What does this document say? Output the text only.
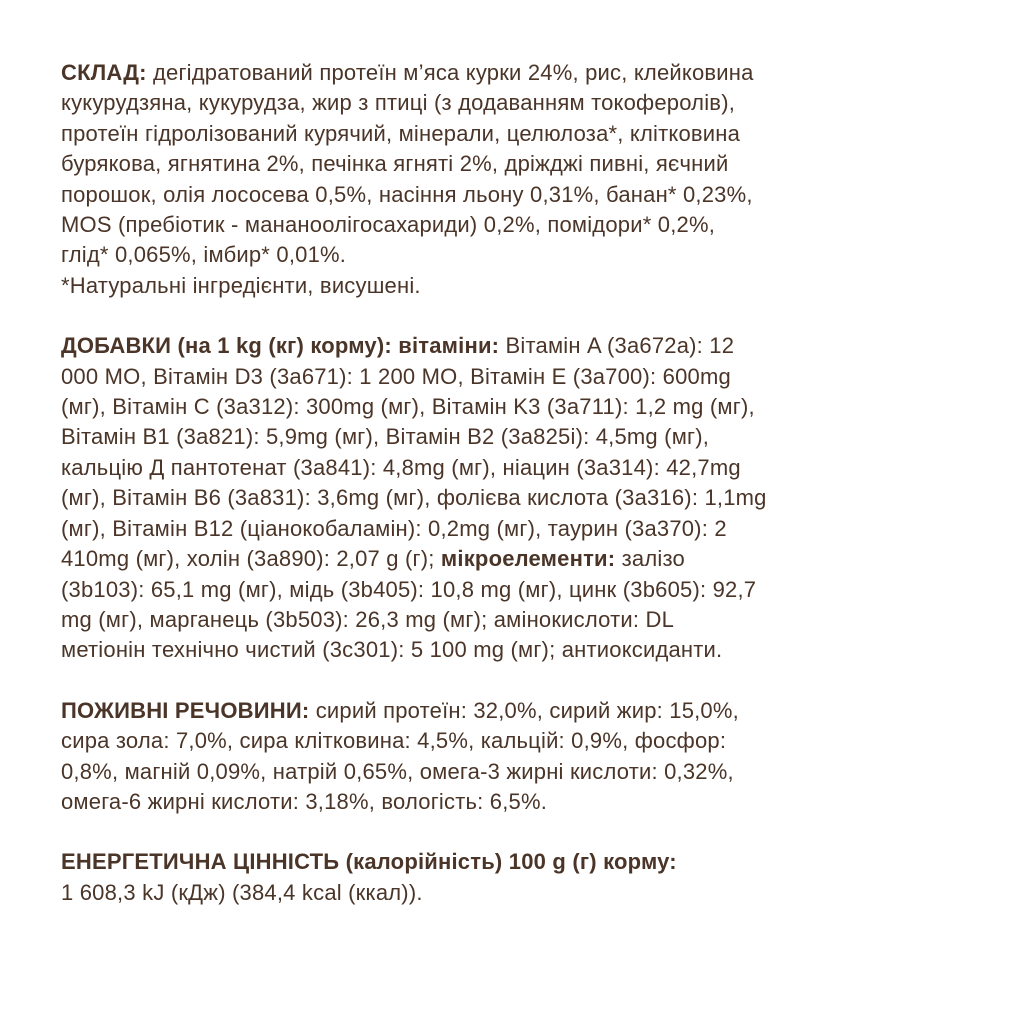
СКЛАД: дегідратований протеїн м’яса курки 24%, рис, клейковина
кукурудзяна, кукурудза, жир з птиці (з додаванням токоферолів),
протеїн гідролізований курячий, мінерали, целюлоза*, клітковина
бурякова, ягнятина 2%, печінка ягняті 2%, дріжджі пивні, яєчний
порошок, олія лососева 0,5%, насіння льону 0,31%, банан* 0,23%,
MOS (пребіотик - мананоолігосахариди) 0,2%, помідори* 0,2%,
глід* 0,065%, імбир* 0,01%.
*Натуральні інгредієнти, висушені.

ДОБАВКИ (на 1 kg (кг) корму): вітаміни: Вітамін A (3a672a): 12
000 MO, Вітамін D3 (3a671): 1 200 MO, Вітамін E (3a700): 600mg
(мг), Вітамін C (3a312): 300mg (мг), Вітамін K3 (3a711): 1,2 mg (мг),
Вітамін B1 (3a821): 5,9mg (мг), Вітамін B2 (3a825i): 4,5mg (мг),
кальцію Д пантотенат (3a841): 4,8mg (мг), ніацин (3a314): 42,7mg
(мг), Вітамін B6 (3a831): 3,6mg (мг), фолієва кислота (3a316): 1,1mg
(мг), Вітамін B12 (ціанокобаламін): 0,2mg (мг), таурин (3a370): 2
410mg (мг), холін (3a890): 2,07 g (г); мікроелементи: залізо
(3b103): 65,1 mg (мг), мідь (3b405): 10,8 mg (мг), цинк (3b605): 92,7
mg (мг), марганець (3b503): 26,3 mg (мг); амінокислоти: DL
метіонін технічно чистий (3c301): 5 100 mg (мг); антиоксиданти.

ПОЖИВНІ РЕЧОВИНИ: сирий протеїн: 32,0%, сирий жир: 15,0%,
сира зола: 7,0%, сира клітковина: 4,5%, кальцій: 0,9%, фосфор:
0,8%, магній 0,09%, натрій 0,65%, омега-3 жирні кислоти: 0,32%,
омега-6 жирні кислоти: 3,18%, вологість: 6,5%.

ЕНЕРГЕТИЧНА ЦІННІСТЬ (калорійність) 100 g (г) корму:
1 608,3 kJ (кДж) (384,4 kcal (ккал)).
